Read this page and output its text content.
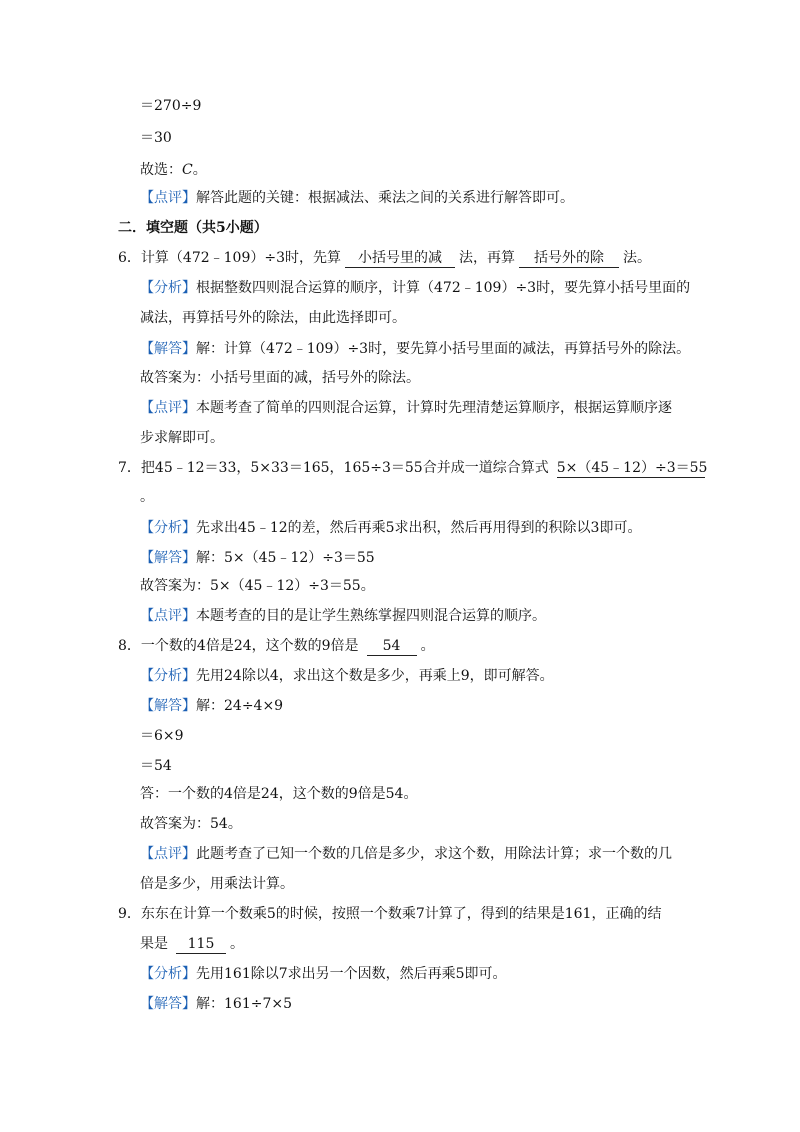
＝270÷9
＝30
故选：C。
【点评】解答此题的关键：根据减法、乘法之间的关系进行解答即可。
二．填空题（共5小题）
6．计算（472﹣109）÷3时，先算 小括号里的减 法，再算 括号外的除 法。
【分析】根据整数四则混合运算的顺序，计算（472﹣109）÷3时，要先算小括号里面的
减法，再算括号外的除法，由此选择即可。
【解答】解：计算（472﹣109）÷3时，要先算小括号里面的减法，再算括号外的除法。
故答案为：小括号里面的减，括号外的除法。
【点评】本题考查了简单的四则混合运算，计算时先理清楚运算顺序，根据运算顺序逐
步求解即可。
7．把45﹣12＝33，5×33＝165，165÷3＝55合并成一道综合算式 5×（45﹣12）÷3＝55
。
【分析】先求出45﹣12的差，然后再乘5求出积，然后再用得到的积除以3即可。
【解答】解：5×（45﹣12）÷3＝55
故答案为：5×（45﹣12）÷3＝55。
【点评】本题考查的目的是让学生熟练掌握四则混合运算的顺序。
8．一个数的4倍是24，这个数的9倍是 54 。
【分析】先用24除以4，求出这个数是多少，再乘上9，即可解答。
【解答】解：24÷4×9
＝6×9
＝54
答：一个数的4倍是24，这个数的9倍是54。
故答案为：54。
【点评】此题考查了已知一个数的几倍是多少，求这个数，用除法计算；求一个数的几
倍是多少，用乘法计算。
9．东东在计算一个数乘5的时候，按照一个数乘7计算了，得到的结果是161，正确的结
果是 115 。
【分析】先用161除以7求出另一个因数，然后再乘5即可。
【解答】解：161÷7×5
